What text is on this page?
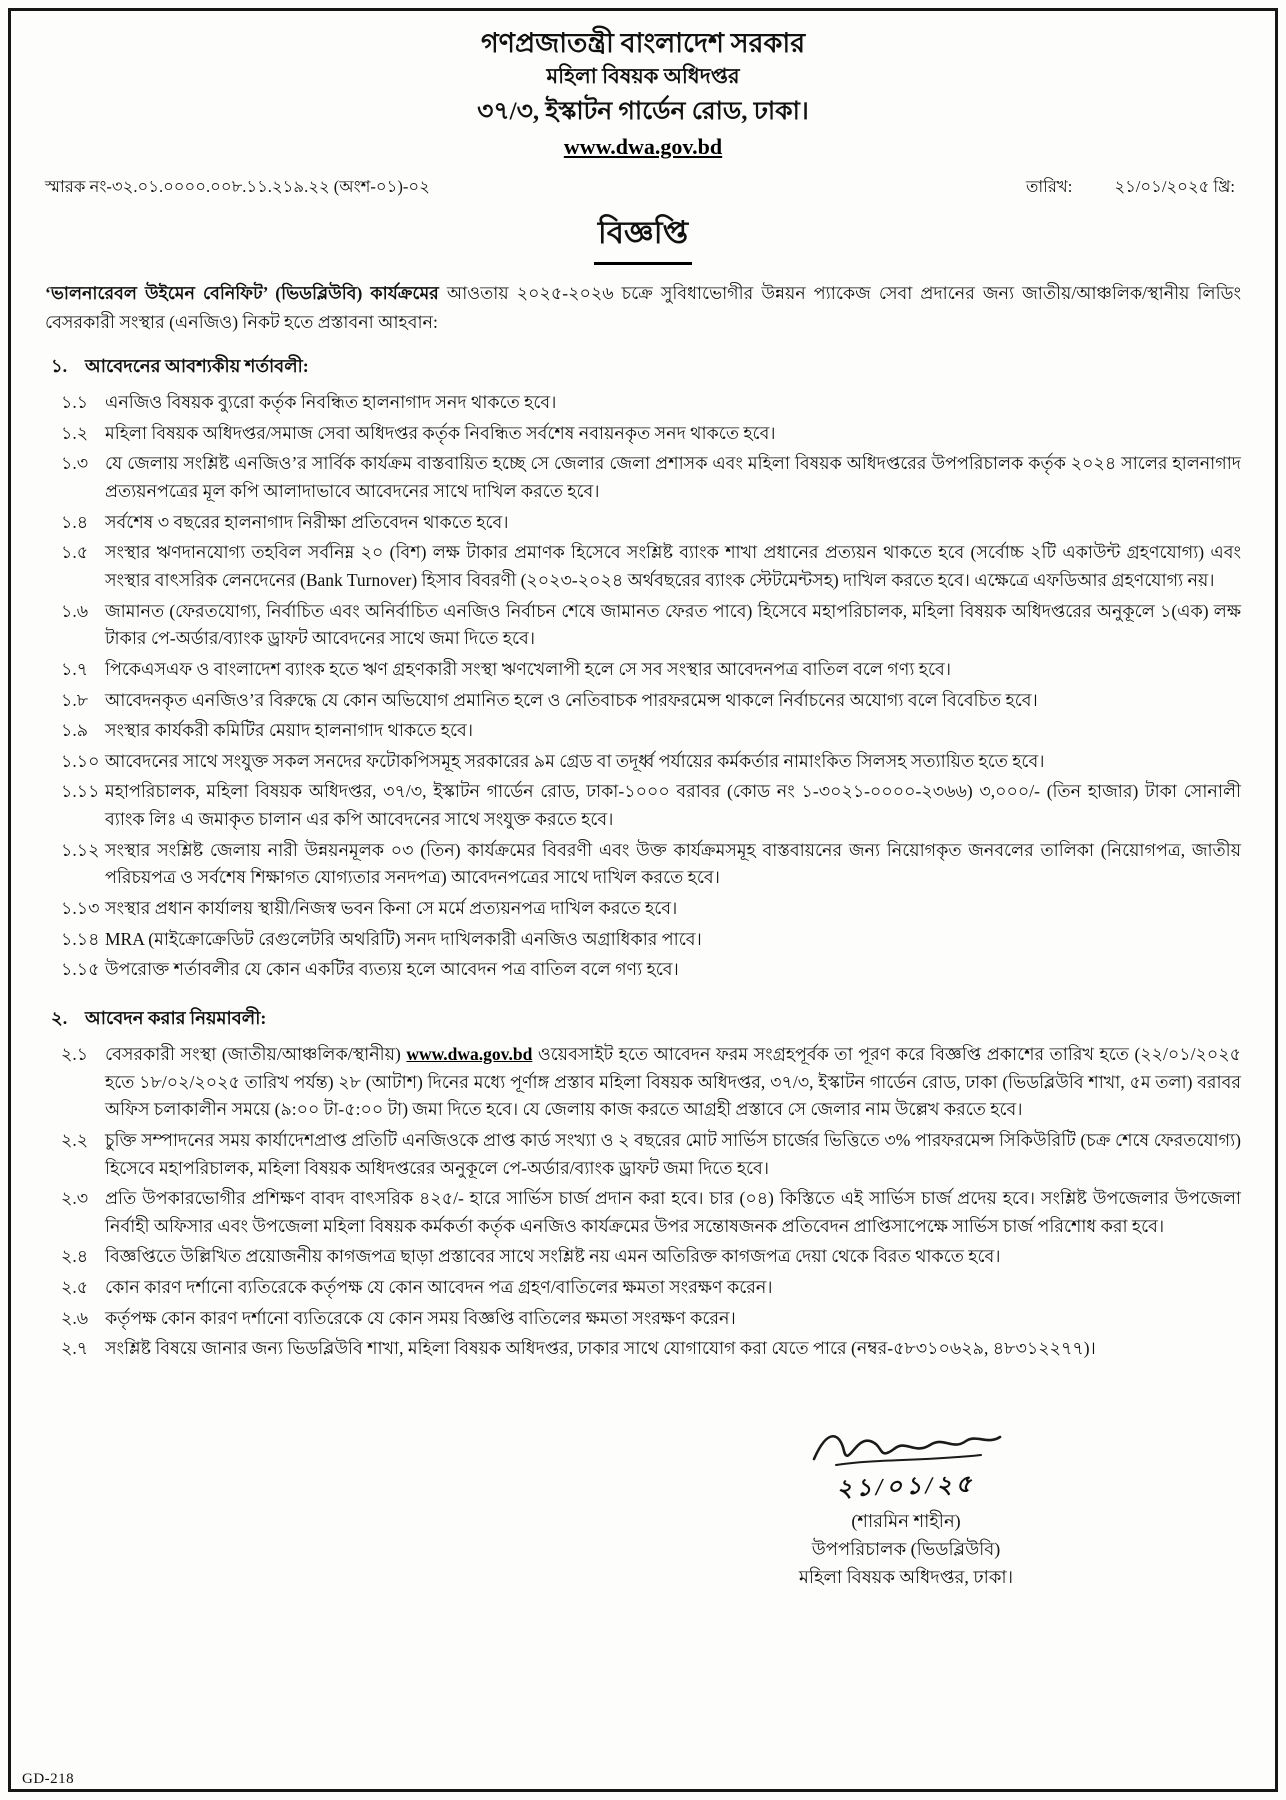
গণপ্রজাতন্ত্রী বাংলাদেশ সরকার
মহিলা বিষয়ক অধিদপ্তর
৩৭/৩, ইস্কাটন গার্ডেন রোড, ঢাকা।
www.dwa.gov.bd
স্মারক নং-৩২.০১.০০০০.০০৮.১১.২১৯.২২ (অংশ-০১)-০২	তারিখ:	২১/০১/২০২৫ খ্রি:
বিজ্ঞপ্তি

‘ভালনারেবল উইমেন বেনিফিট’ (ভিডব্লিউবি) কার্যক্রমের আওতায় ২০২৫-২০২৬ চক্রে সুবিধাভোগীর উন্নয়ন প্যাকেজ সেবা প্রদানের জন্য জাতীয়/আঞ্চলিক/স্থানীয় লিডিং বেসরকারী সংস্থার (এনজিও) নিকট হতে প্রস্তাবনা আহবান:

১. আবেদনের আবশ্যকীয় শর্তাবলী:
১.১ এনজিও বিষয়ক ব্যুরো কর্তৃক নিবন্ধিত হালনাগাদ সনদ থাকতে হবে।
১.২ মহিলা বিষয়ক অধিদপ্তর/সমাজ সেবা অধিদপ্তর কর্তৃক নিবন্ধিত সর্বশেষ নবায়নকৃত সনদ থাকতে হবে।
১.৩ যে জেলায় সংশ্লিষ্ট এনজিও’র সার্বিক কার্যক্রম বাস্তবায়িত হচ্ছে সে জেলার জেলা প্রশাসক এবং মহিলা বিষয়ক অধিদপ্তরের উপপরিচালক কর্তৃক ২০২৪ সালের হালনাগাদ প্রত্যয়নপত্রের মূল কপি আলাদাভাবে আবেদনের সাথে দাখিল করতে হবে।
১.৪ সর্বশেষ ৩ বছরের হালনাগাদ নিরীক্ষা প্রতিবেদন থাকতে হবে।
১.৫ সংস্থার ঋণদানযোগ্য তহবিল সর্বনিম্ন ২০ (বিশ) লক্ষ টাকার প্রমাণক হিসেবে সংশ্লিষ্ট ব্যাংক শাখা প্রধানের প্রত্যয়ন থাকতে হবে (সর্বোচ্চ ২টি একাউন্ট গ্রহণযোগ্য) এবং সংস্থার বাৎসরিক লেনদেনের (Bank Turnover) হিসাব বিবরণী (২০২৩-২০২৪ অর্থবছরের ব্যাংক স্টেটমেন্টসহ) দাখিল করতে হবে। এক্ষেত্রে এফডিআর গ্রহণযোগ্য নয়।
১.৬ জামানত (ফেরতযোগ্য, নির্বাচিত এবং অনির্বাচিত এনজিও নির্বাচন শেষে জামানত ফেরত পাবে) হিসেবে মহাপরিচালক, মহিলা বিষয়ক অধিদপ্তরের অনুকূলে ১(এক) লক্ষ টাকার পে-অর্ডার/ব্যাংক ড্রাফট আবেদনের সাথে জমা দিতে হবে।
১.৭ পিকেএসএফ ও বাংলাদেশ ব্যাংক হতে ঋণ গ্রহণকারী সংস্থা ঋণখেলাপী হলে সে সব সংস্থার আবেদনপত্র বাতিল বলে গণ্য হবে।
১.৮ আবেদনকৃত এনজিও’র বিরুদ্ধে যে কোন অভিযোগ প্রমানিত হলে ও নেতিবাচক পারফরমেন্স থাকলে নির্বাচনের অযোগ্য বলে বিবেচিত হবে।
১.৯ সংস্থার কার্যকরী কমিটির মেয়াদ হালনাগাদ থাকতে হবে।
১.১০ আবেদনের সাথে সংযুক্ত সকল সনদের ফটোকপিসমূহ সরকারের ৯ম গ্রেড বা তদূর্ধ্ব পর্যায়ের কর্মকর্তার নামাংকিত সিলসহ সত্যায়িত হতে হবে।
১.১১ মহাপরিচালক, মহিলা বিষয়ক অধিদপ্তর, ৩৭/৩, ইস্কাটন গার্ডেন রোড, ঢাকা-১০০০ বরাবর (কোড নং ১-৩০২১-০০০০-২৩৬৬) ৩,০০০/- (তিন হাজার) টাকা সোনালী ব্যাংক লিঃ এ জমাকৃত চালান এর কপি আবেদনের সাথে সংযুক্ত করতে হবে।
১.১২ সংস্থার সংশ্লিষ্ট জেলায় নারী উন্নয়নমূলক ০৩ (তিন) কার্যক্রমের বিবরণী এবং উক্ত কার্যক্রমসমূহ বাস্তবায়নের জন্য নিয়োগকৃত জনবলের তালিকা (নিয়োগপত্র, জাতীয় পরিচয়পত্র ও সর্বশেষ শিক্ষাগত যোগ্যতার সনদপত্র) আবেদনপত্রের সাথে দাখিল করতে হবে।
১.১৩ সংস্থার প্রধান কার্যালয় স্থায়ী/নিজস্ব ভবন কিনা সে মর্মে প্রত্যয়নপত্র দাখিল করতে হবে।
১.১৪ MRA (মাইক্রোক্রেডিট রেগুলেটরি অথরিটি) সনদ দাখিলকারী এনজিও অগ্রাধিকার পাবে।
১.১৫ উপরোক্ত শর্তাবলীর যে কোন একটির ব্যত্যয় হলে আবেদন পত্র বাতিল বলে গণ্য হবে।
২. আবেদন করার নিয়মাবলী:
২.১ বেসরকারী সংস্থা (জাতীয়/আঞ্চলিক/স্থানীয়) www.dwa.gov.bd ওয়েবসাইট হতে আবেদন ফরম সংগ্রহপূর্বক তা পূরণ করে বিজ্ঞপ্তি প্রকাশের তারিখ হতে (২২/০১/২০২৫ হতে ১৮/০২/২০২৫ তারিখ পর্যন্ত) ২৮ (আটাশ) দিনের মধ্যে পূর্ণাঙ্গ প্রস্তাব মহিলা বিষয়ক অধিদপ্তর, ৩৭/৩, ইস্কাটন গার্ডেন রোড, ঢাকা (ভিডব্লিউবি শাখা, ৫ম তলা) বরাবর অফিস চলাকালীন সময়ে (৯:০০ টা-৫:০০ টা) জমা দিতে হবে। যে জেলায় কাজ করতে আগ্রহী প্রস্তাবে সে জেলার নাম উল্লেখ করতে হবে।
২.২ চুক্তি সম্পাদনের সময় কার্যাদেশপ্রাপ্ত প্রতিটি এনজিওকে প্রাপ্ত কার্ড সংখ্যা ও ২ বছরের মোট সার্ভিস চার্জের ভিত্তিতে ৩% পারফরমেন্স সিকিউরিটি (চক্র শেষে ফেরতযোগ্য) হিসেবে মহাপরিচালক, মহিলা বিষয়ক অধিদপ্তরের অনুকূলে পে-অর্ডার/ব্যাংক ড্রাফট জমা দিতে হবে।
২.৩ প্রতি উপকারভোগীর প্রশিক্ষণ বাবদ বাৎসরিক ৪২৫/- হারে সার্ভিস চার্জ প্রদান করা হবে। চার (০৪) কিস্তিতে এই সার্ভিস চার্জ প্রদেয় হবে। সংশ্লিষ্ট উপজেলার উপজেলা নির্বাহী অফিসার এবং উপজেলা মহিলা বিষয়ক কর্মকর্তা কর্তৃক এনজিও কার্যক্রমের উপর সন্তোষজনক প্রতিবেদন প্রাপ্তিসাপেক্ষে সার্ভিস চার্জ পরিশোধ করা হবে।
২.৪ বিজ্ঞপ্তিতে উল্লিখিত প্রয়োজনীয় কাগজপত্র ছাড়া প্রস্তাবের সাথে সংশ্লিষ্ট নয় এমন অতিরিক্ত কাগজপত্র দেয়া থেকে বিরত থাকতে হবে।
২.৫ কোন কারণ দর্শানো ব্যতিরেকে কর্তৃপক্ষ যে কোন আবেদন পত্র গ্রহণ/বাতিলের ক্ষমতা সংরক্ষণ করেন।
২.৬ কর্তৃপক্ষ কোন কারণ দর্শানো ব্যতিরেকে যে কোন সময় বিজ্ঞপ্তি বাতিলের ক্ষমতা সংরক্ষণ করেন।
২.৭ সংশ্লিষ্ট বিষয়ে জানার জন্য ভিডব্লিউবি শাখা, মহিলা বিষয়ক অধিদপ্তর, ঢাকার সাথে যোগাযোগ করা যেতে পারে (নম্বর-৫৮৩১০৬২৯, ৪৮৩১২২৭৭)।
২১/০১/২৫
(শারমিন শাহীন)
উপপরিচালক (ভিডব্লিউবি)
মহিলা বিষয়ক অধিদপ্তর, ঢাকা।
GD-218
